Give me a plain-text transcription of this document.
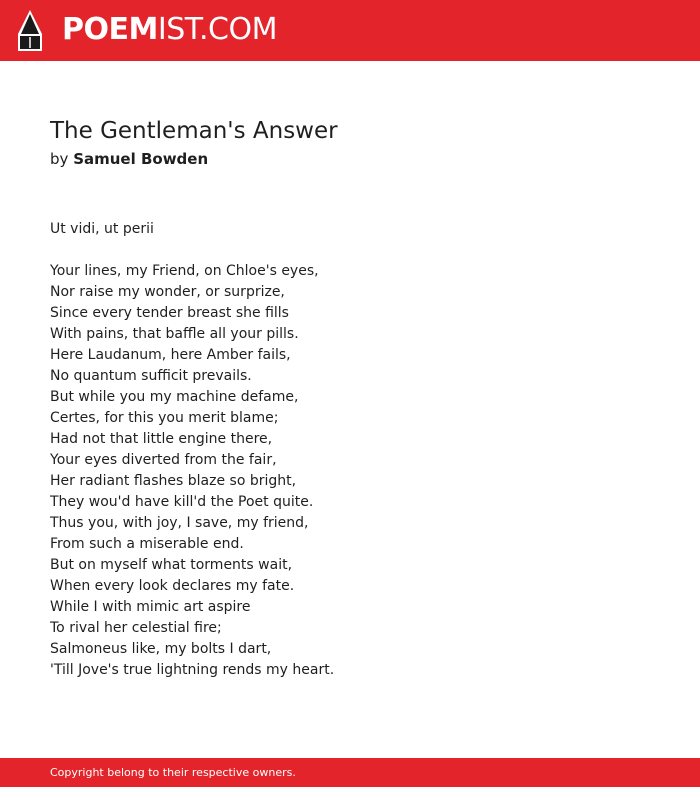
POEMIST.COM
The Gentleman's Answer
by Samuel Bowden
Ut vidi, ut perii
Your lines, my Friend, on Chloe's eyes,
Nor raise my wonder, or surprize,
Since every tender breast she fills
With pains, that baffle all your pills.
Here Laudanum, here Amber fails,
No quantum sufficit prevails.
But while you my machine defame,
Certes, for this you merit blame;
Had not that little engine there,
Your eyes diverted from the fair,
Her radiant flashes blaze so bright,
They wou'd have kill'd the Poet quite.
Thus you, with joy, I save, my friend,
From such a miserable end.
But on myself what torments wait,
When every look declares my fate.
While I with mimic art aspire
To rival her celestial fire;
Salmoneus like, my bolts I dart,
'Till Jove's true lightning rends my heart.
Copyright belong to their respective owners.
